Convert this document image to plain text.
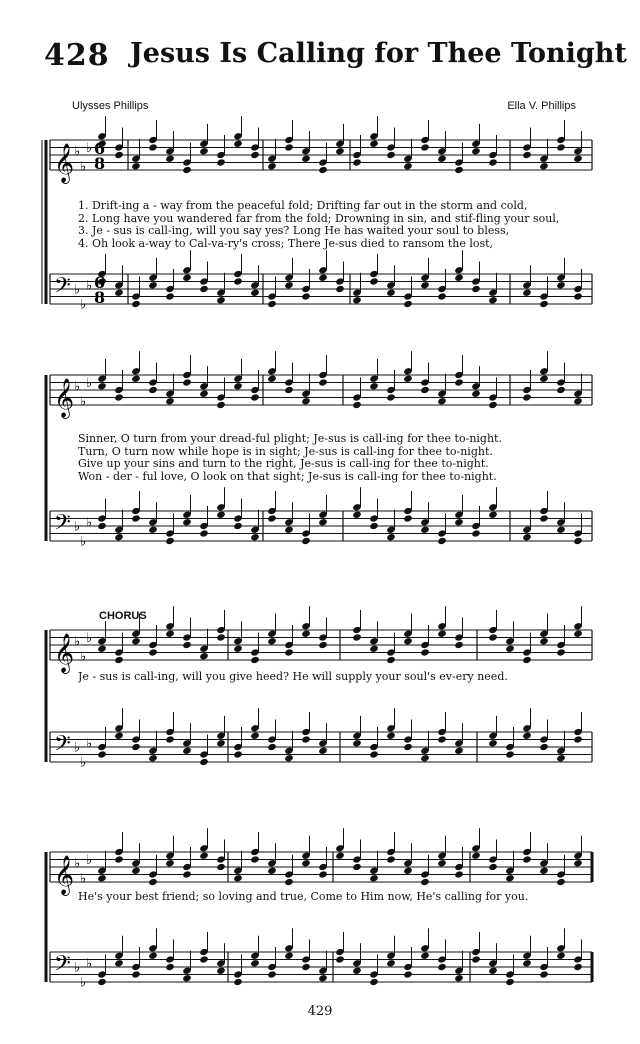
428 Jesus Is Calling for Thee Tonight
Ulysses Phillips	Ella V. Phillips
𝄞 ♭
♭
♭
𝄢 ♭
♭
♭
6
8
6
8
𝄞 ♭
♭
♭
𝄢 ♭
♭
♭
𝄞 ♭
♭
♭
𝄢 ♭
♭
♭
𝄞 ♭
♭
♭
𝄢 ♭
♭
♭
1. Drift-ing a - way from the peaceful fold; Drifting far out in the storm and cold,
2. Long have you wandered far from the fold; Drowning in sin, and stif-fling your soul,
3. Je - sus is call-ing, will you say yes? Long He has waited your soul to bless,
4. Oh look a-way to Cal-va-ry's cross; There Je-sus died to ransom the lost,
Sinner, O turn from your dread-ful plight; Je-sus is call-ing for thee to-night.
Turn, O turn now while hope is in sight; Je-sus is call-ing for thee to-night.
Give up your sins and turn to the right, Je-sus is call-ing for thee to-night.
Won - der - ful love, O look on that sight; Je-sus is call-ing for thee to-night.
CHORUS
Je - sus is call-ing, will you give heed? He will supply your soul's ev-ery need.
He's your best friend; so loving and true, Come to Him now, He's calling for you.
429
